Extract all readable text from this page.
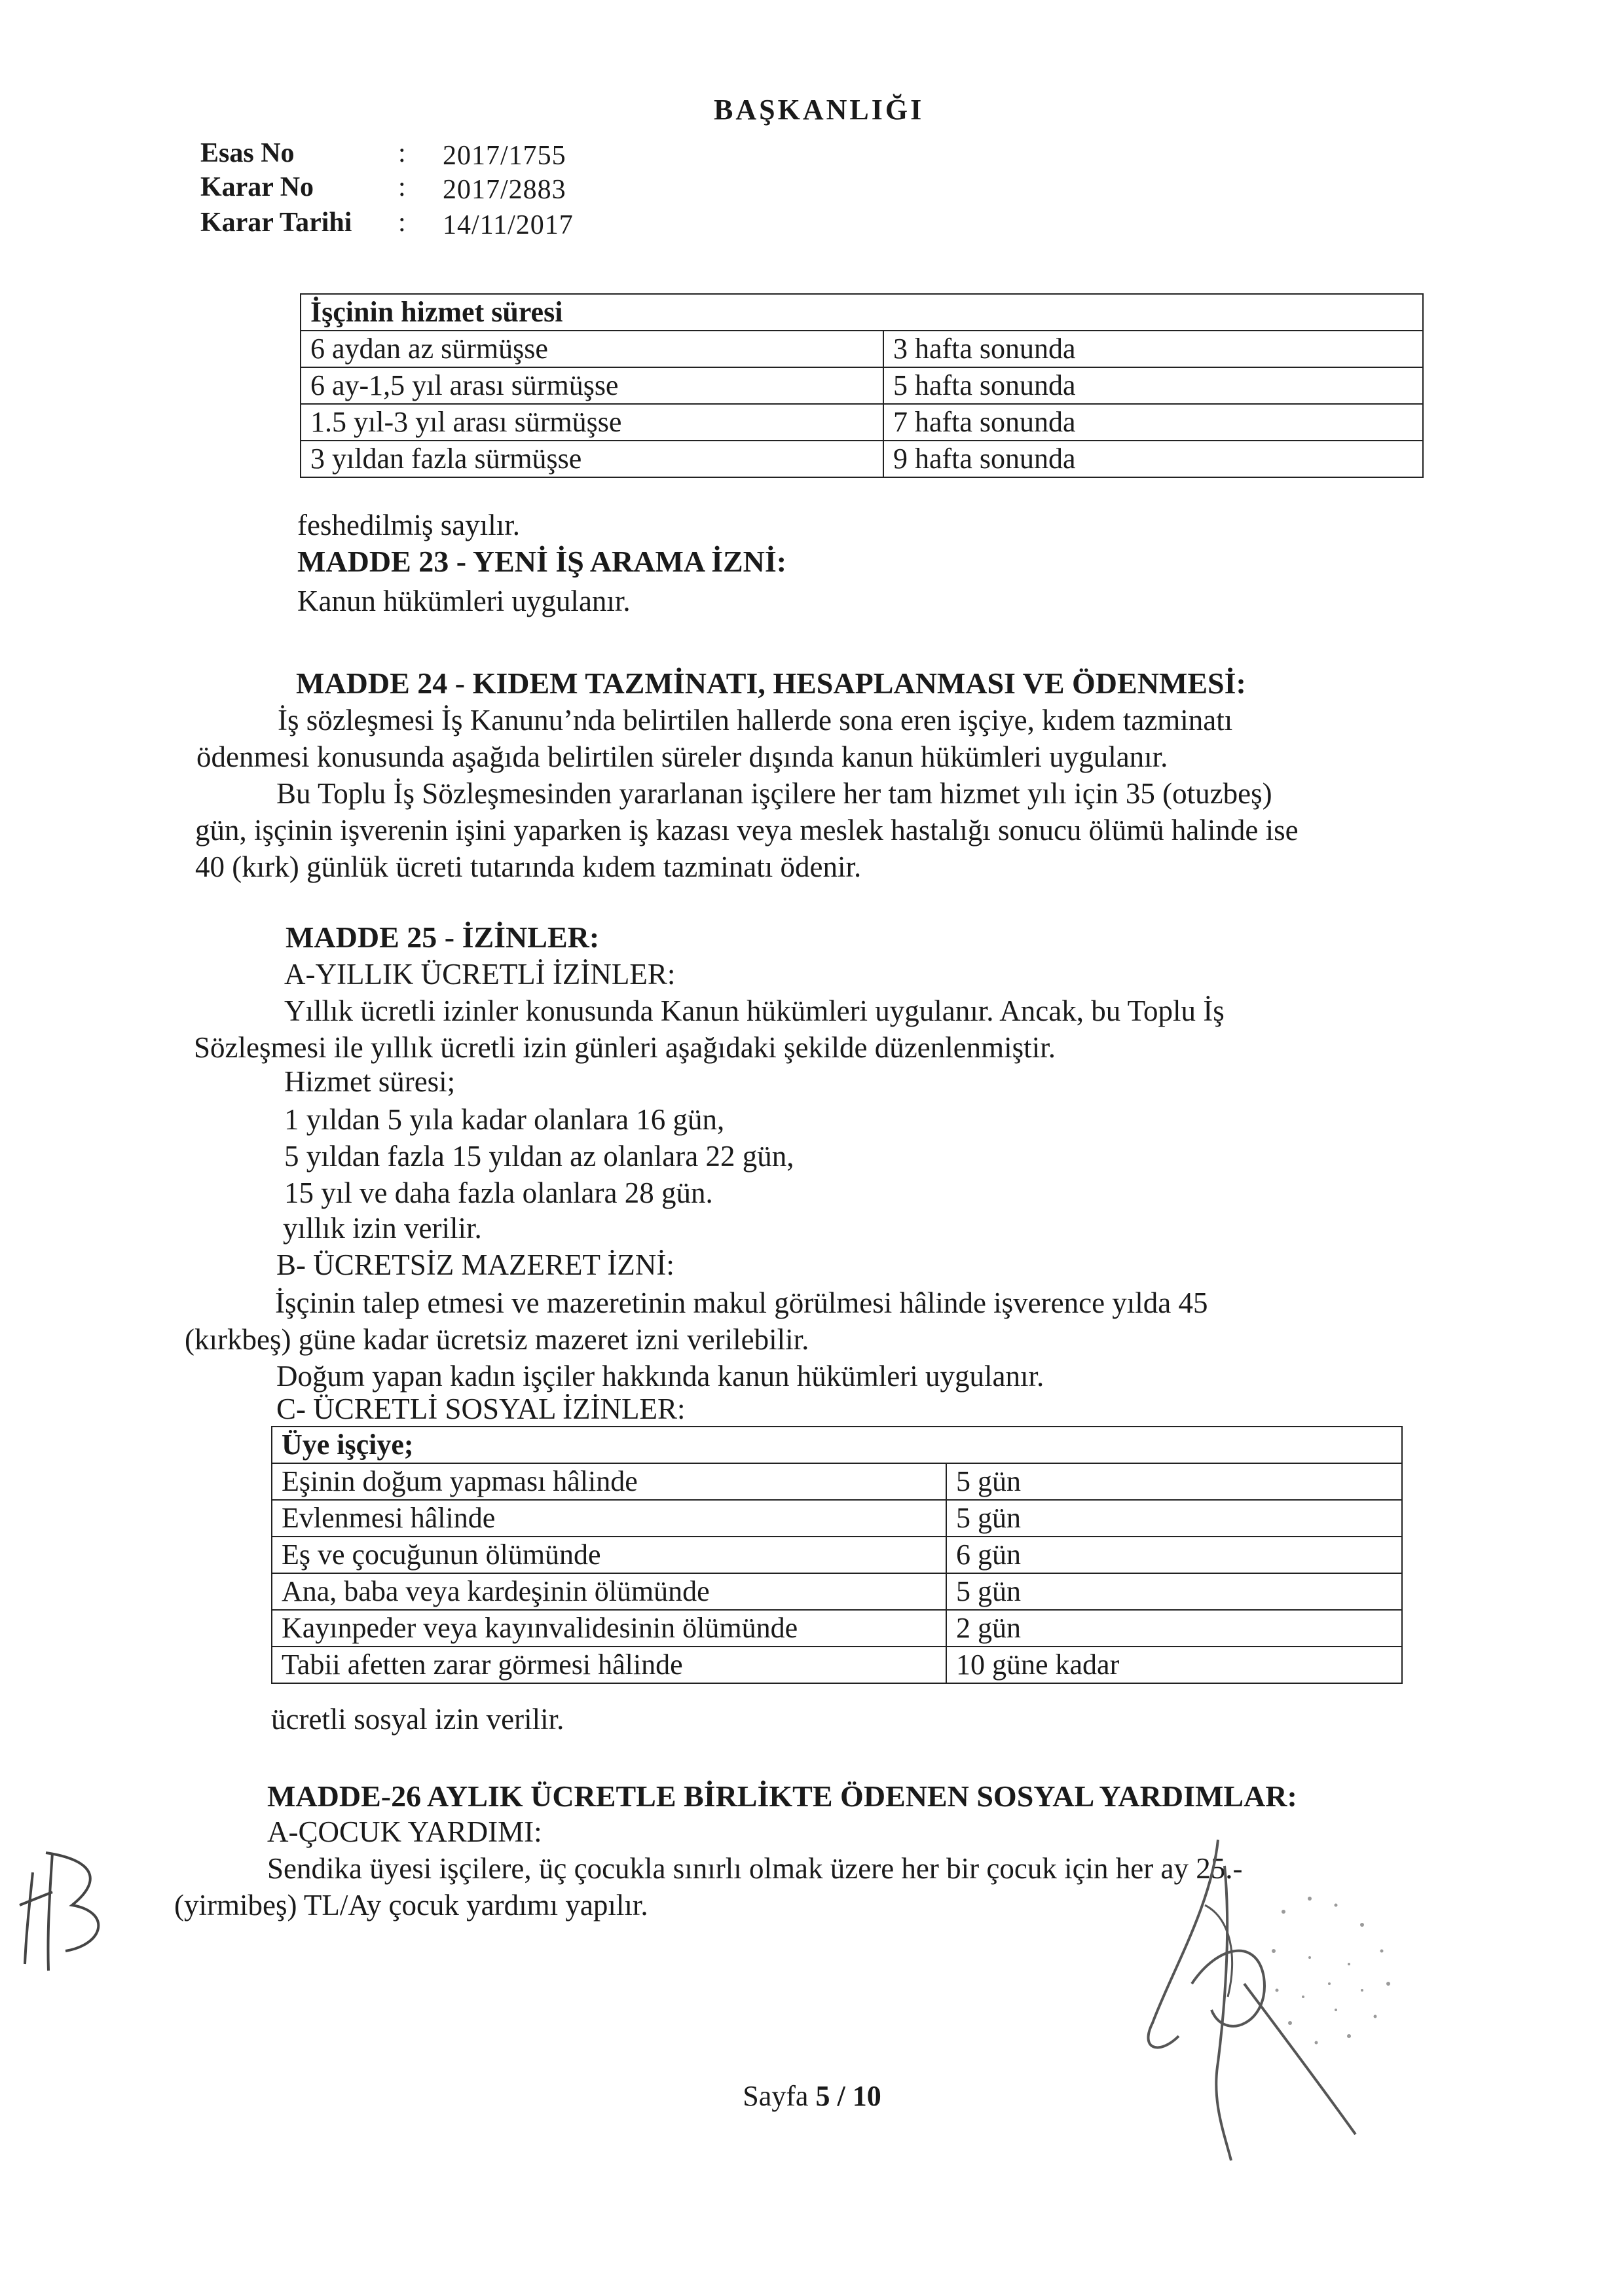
BAŞKANLIĞI
Esas No	: 2017/1755
Karar No	: 2017/2883
Karar Tarihi : 14/11/2017
İşçinin hizmet süresi	
6 aydan az sürmüşse	3 hafta sonunda
6 ay-1,5 yıl arası sürmüşse	5 hafta sonunda
1.5 yıl-3 yıl arası sürmüşse	7 hafta sonunda
3 yıldan fazla sürmüşse	9 hafta sonunda
feshedilmiş sayılır.
MADDE 23 - YENİ İŞ ARAMA İZNİ:
Kanun hükümleri uygulanır.
MADDE 24 - KIDEM TAZMİNATI, HESAPLANMASI VE ÖDENMESİ:
İş sözleşmesi İş Kanunu’nda belirtilen hallerde sona eren işçiye, kıdem tazminatı
ödenmesi konusunda aşağıda belirtilen süreler dışında kanun hükümleri uygulanır.
Bu Toplu İş Sözleşmesinden yararlanan işçilere her tam hizmet yılı için 35 (otuzbeş)
gün, işçinin işverenin işini yaparken iş kazası veya meslek hastalığı sonucu ölümü halinde ise
40 (kırk) günlük ücreti tutarında kıdem tazminatı ödenir.
MADDE 25 - İZİNLER:
A-YILLIK ÜCRETLİ İZİNLER:
Yıllık ücretli izinler konusunda Kanun hükümleri uygulanır. Ancak, bu Toplu İş
Sözleşmesi ile yıllık ücretli izin günleri aşağıdaki şekilde düzenlenmiştir.
Hizmet süresi;
1 yıldan 5 yıla kadar olanlara 16 gün,
5 yıldan fazla 15 yıldan az olanlara 22 gün,
15 yıl ve daha fazla olanlara 28 gün.
yıllık izin verilir.
B- ÜCRETSİZ MAZERET İZNİ:
İşçinin talep etmesi ve mazeretinin makul görülmesi hâlinde işverence yılda 45
(kırkbeş) güne kadar ücretsiz mazeret izni verilebilir.
Doğum yapan kadın işçiler hakkında kanun hükümleri uygulanır.
C- ÜCRETLİ SOSYAL İZİNLER:
Üye işçiye;	
Eşinin doğum yapması hâlinde	5 gün
Evlenmesi hâlinde	5 gün
Eş ve çocuğunun ölümünde	6 gün
Ana, baba veya kardeşinin ölümünde	5 gün
Kayınpeder veya kayınvalidesinin ölümünde	2 gün
Tabii afetten zarar görmesi hâlinde	10 güne kadar
ücretli sosyal izin verilir.
MADDE-26 AYLIK ÜCRETLE BİRLİKTE ÖDENEN SOSYAL YARDIMLAR:
A-ÇOCUK YARDIMI:
Sendika üyesi işçilere, üç çocukla sınırlı olmak üzere her bir çocuk için her ay 25.-
(yirmibeş) TL/Ay çocuk yardımı yapılır.
Sayfa 5 / 10
